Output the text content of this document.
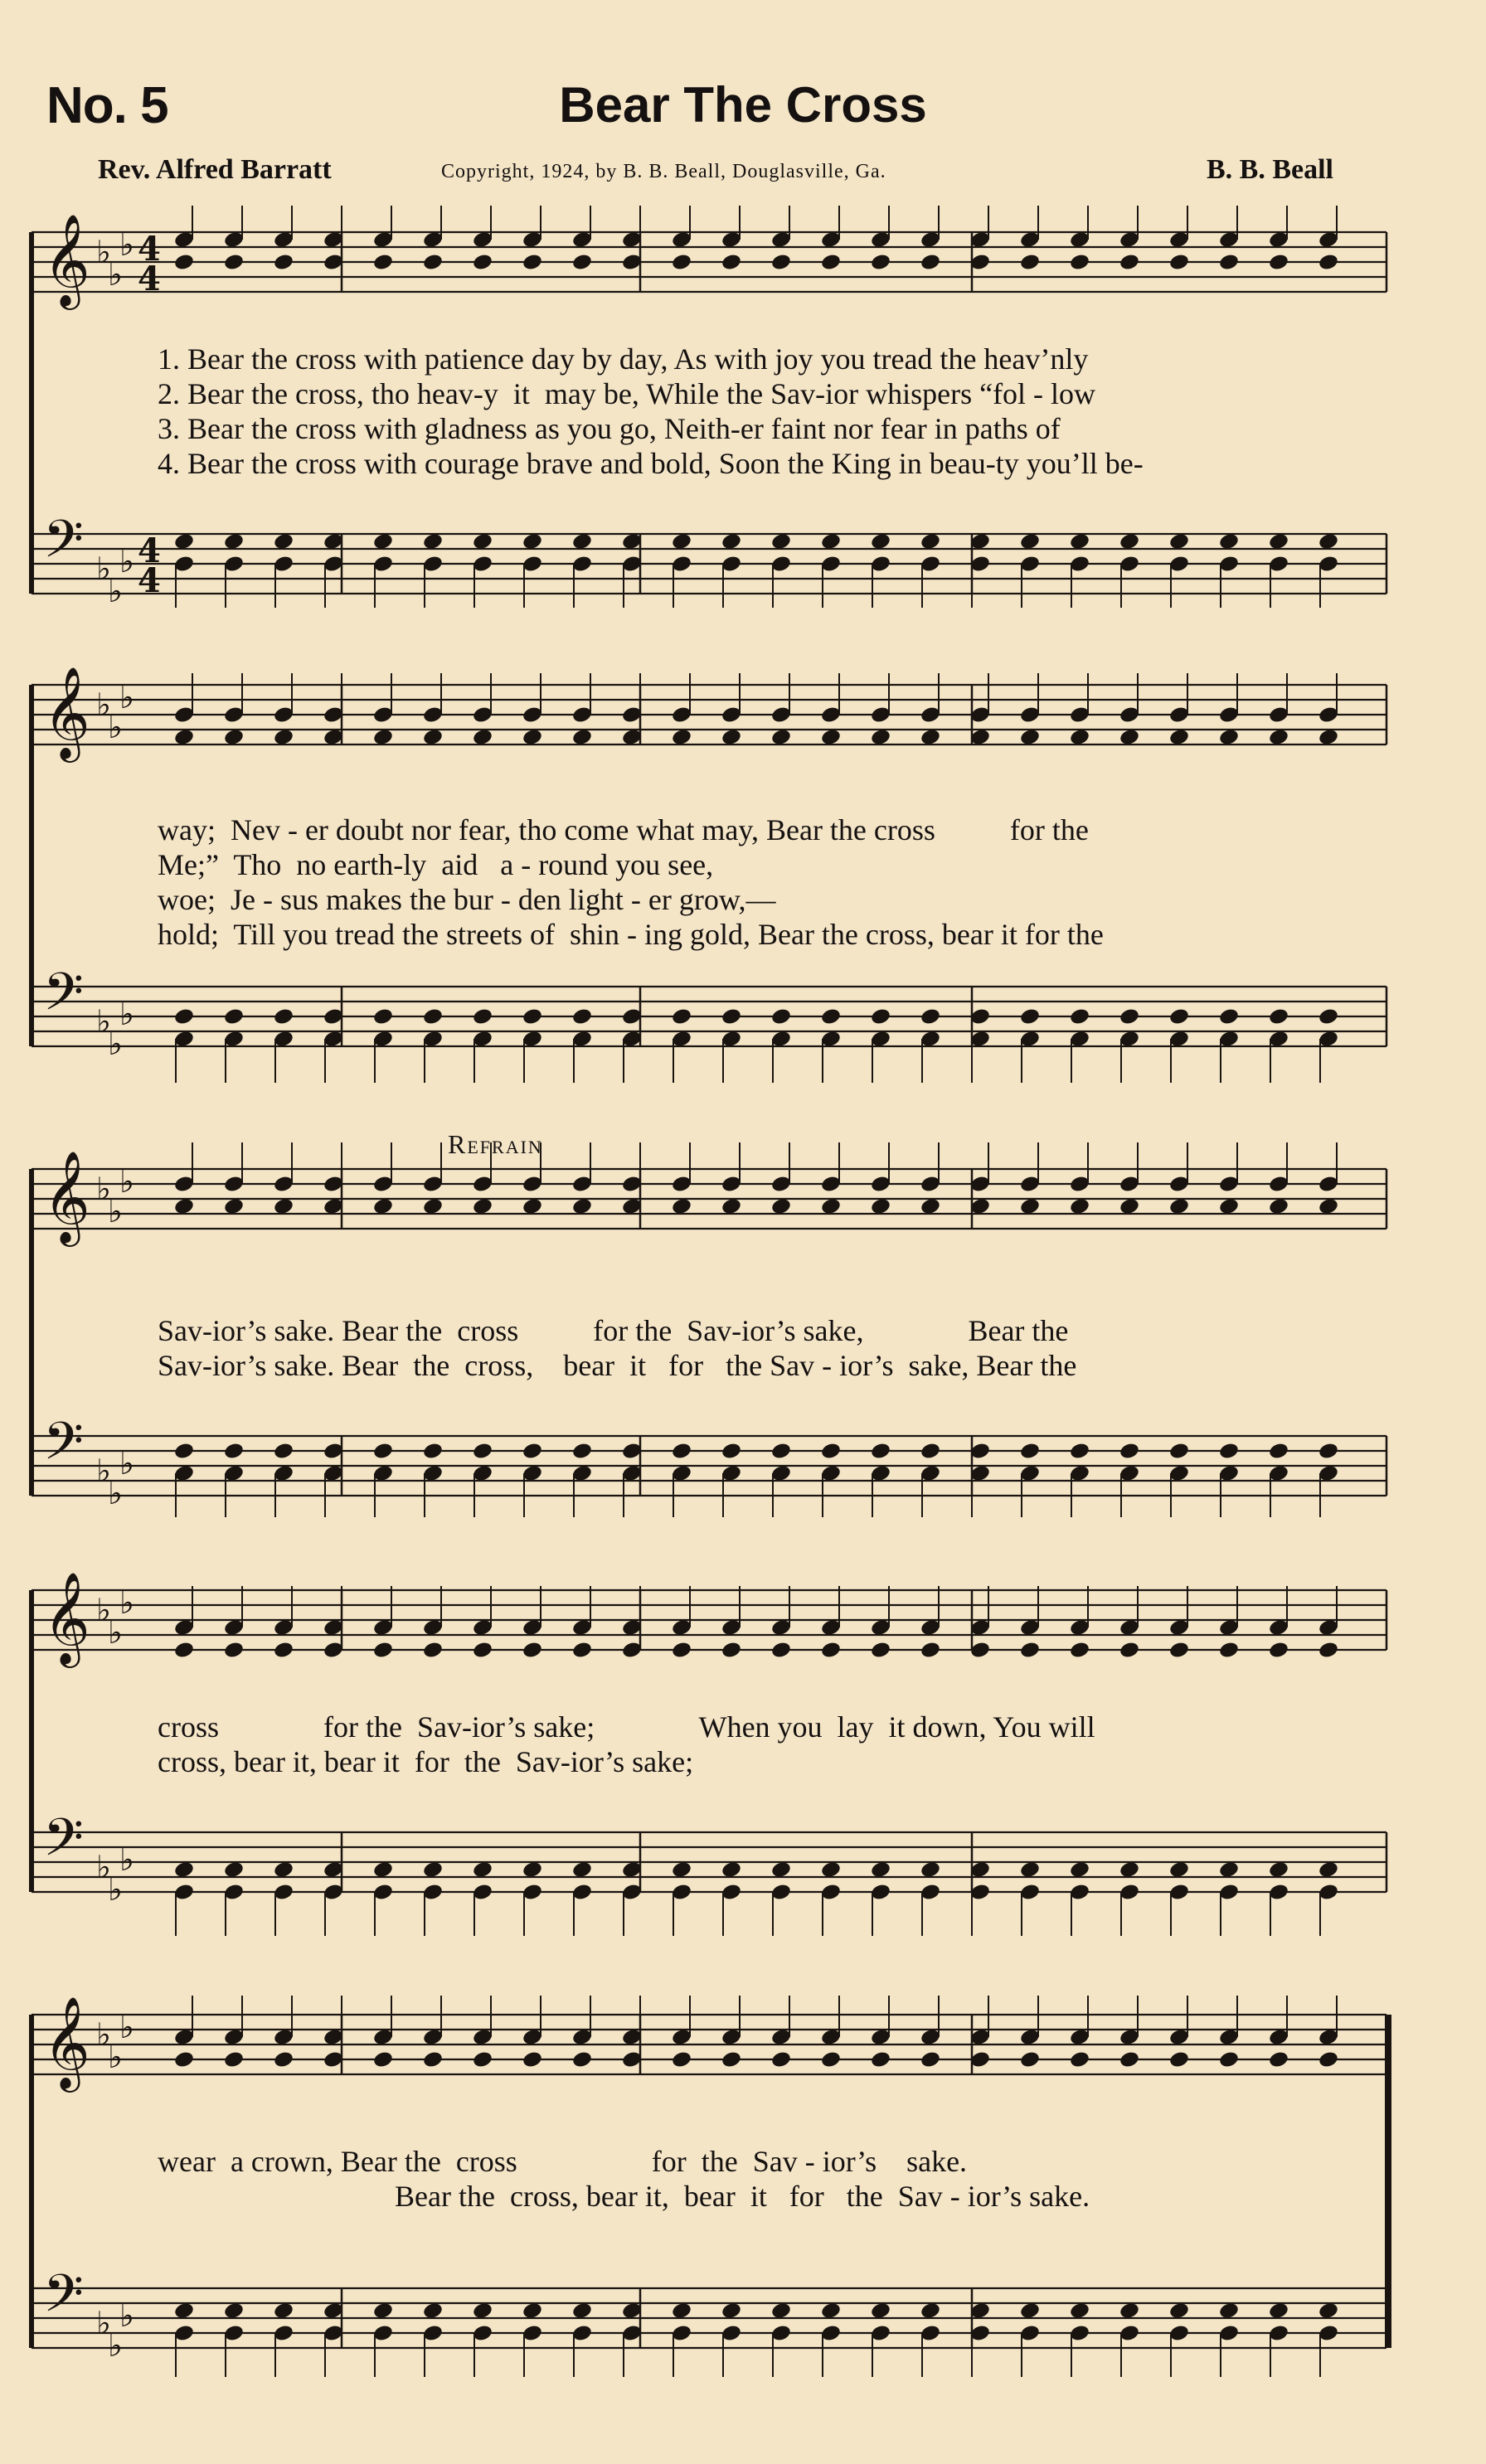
No. 5	Bear The Cross
Rev. Alfred Barratt	Copyright, 1924, by B. B. Beall, Douglasville, Ga.	B. B. Beall
𝄞 ♭
♭
♭ 4
4
𝄢 ♭
♭
♭ 4
4
1. Bear the cross with patience day by day, As with joy you tread the heav’nly
2. Bear the cross, tho heav-y  it  may be, While the Sav-ior whispers “fol - low
3. Bear the cross with gladness as you go, Neith-er faint nor fear in paths of
4. Bear the cross with courage brave and bold, Soon the King in beau-ty you’ll be-
𝄞 ♭
♭
♭
𝄢 ♭
♭
♭
way;  Nev - er doubt nor fear, tho come what may, Bear the cross          for the
Me;”  Tho  no earth-ly  aid   a - round you see,
woe;  Je - sus makes the bur - den light - er grow,—
hold;  Till you tread the streets of  shin - ing gold, Bear the cross, bear it for the
Refrain
𝄞 ♭
♭
♭
𝄢 ♭
♭
♭
Sav-ior’s sake. Bear the  cross          for the  Sav-ior’s sake,              Bear the
Sav-ior’s sake. Bear  the  cross,    bear  it   for   the Sav - ior’s  sake, Bear the
𝄞 ♭
♭
♭
𝄢 ♭
♭
♭
cross              for the  Sav-ior’s sake;              When you  lay  it down, You will
cross, bear it, bear it  for  the  Sav-ior’s sake;
𝄞 ♭
♭
♭
𝄢 ♭
♭
♭
wear  a crown, Bear the  cross                  for  the  Sav - ior’s    sake.
Bear the  cross, bear it,  bear  it   for   the  Sav - ior’s sake.
